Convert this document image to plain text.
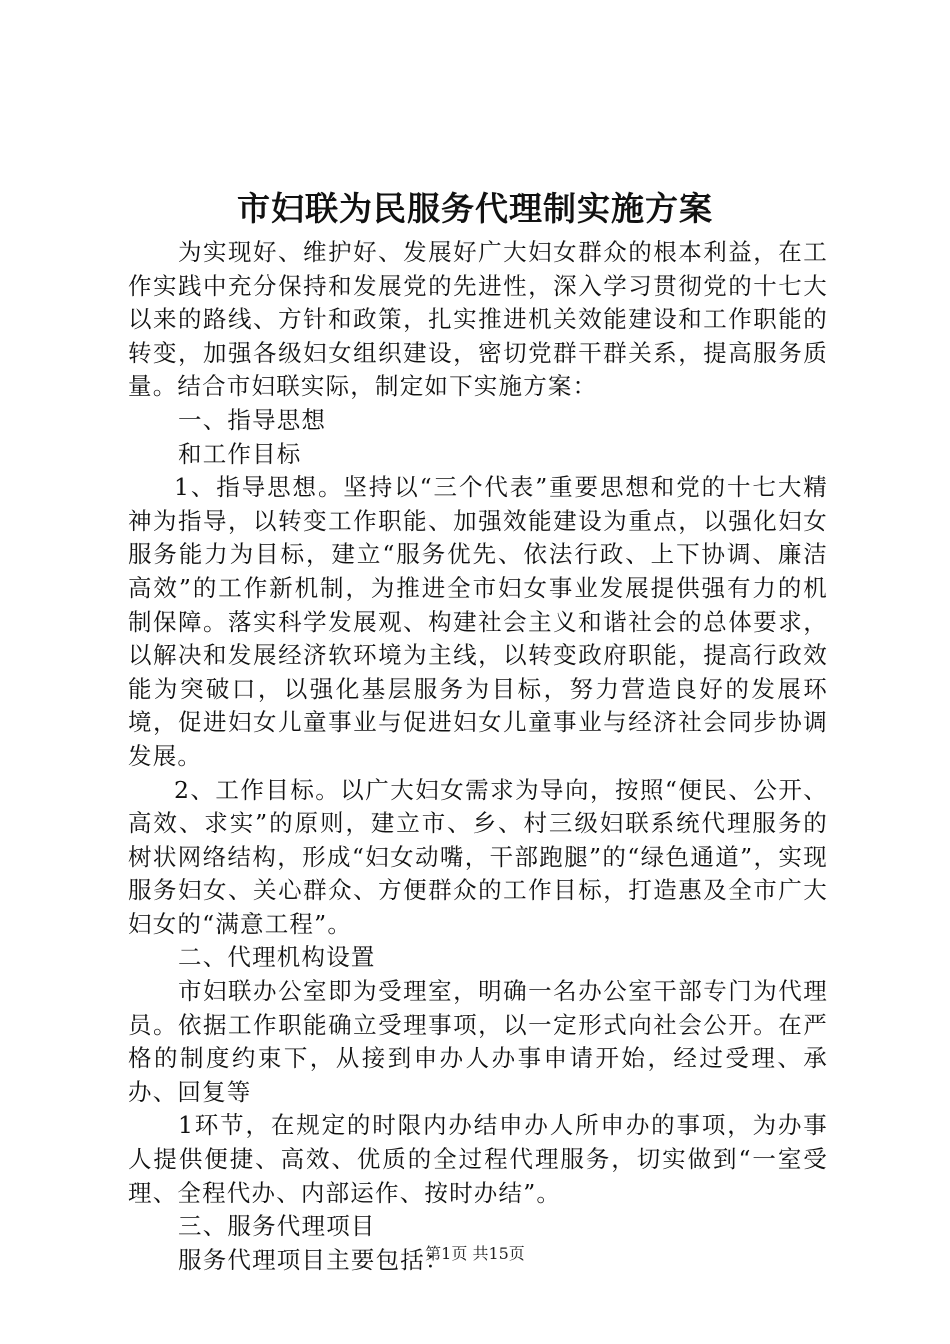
市妇联为民服务代理制实施方案

为实现好、维护好、发展好广大妇女群众的根本利益，在工作实践中充分保持和发展党的先进性，深入学习贯彻党的十七大以来的路线、方针和政策，扎实推进机关效能建设和工作职能的转变，加强各级妇女组织建设，密切党群干群关系，提高服务质量。结合市妇联实际，制定如下实施方案：

一、指导思想

和工作目标

1、指导思想。坚持以“三个代表”重要思想和党的十七大精神为指导，以转变工作职能、加强效能建设为重点，以强化妇女服务能力为目标，建立“服务优先、依法行政、上下协调、廉洁高效”的工作新机制，为推进全市妇女事业发展提供强有力的机制保障。落实科学发展观、构建社会主义和谐社会的总体要求，以解决和发展经济软环境为主线，以转变政府职能，提高行政效能为突破口，以强化基层服务为目标，努力营造良好的发展环境，促进妇女儿童事业与促进妇女儿童事业与经济社会同步协调发展。

2、工作目标。以广大妇女需求为导向，按照“便民、公开、高效、求实”的原则，建立市、乡、村三级妇联系统代理服务的树状网络结构，形成“妇女动嘴，干部跑腿”的“绿色通道”，实现服务妇女、关心群众、方便群众的工作目标，打造惠及全市广大妇女的“满意工程”。

二、代理机构设置

市妇联办公室即为受理室，明确一名办公室干部专门为代理员。依据工作职能确立受理事项，以一定形式向社会公开。在严格的制度约束下，从接到申办人办事申请开始，经过受理、承办、回复等

1环节，在规定的时限内办结申办人所申办的事项，为办事人提供便捷、高效、优质的全过程代理服务，切实做到“一室受理、全程代办、内部运作、按时办结”。

三、服务代理项目

服务代理项目主要包括：

第1页 共15页
